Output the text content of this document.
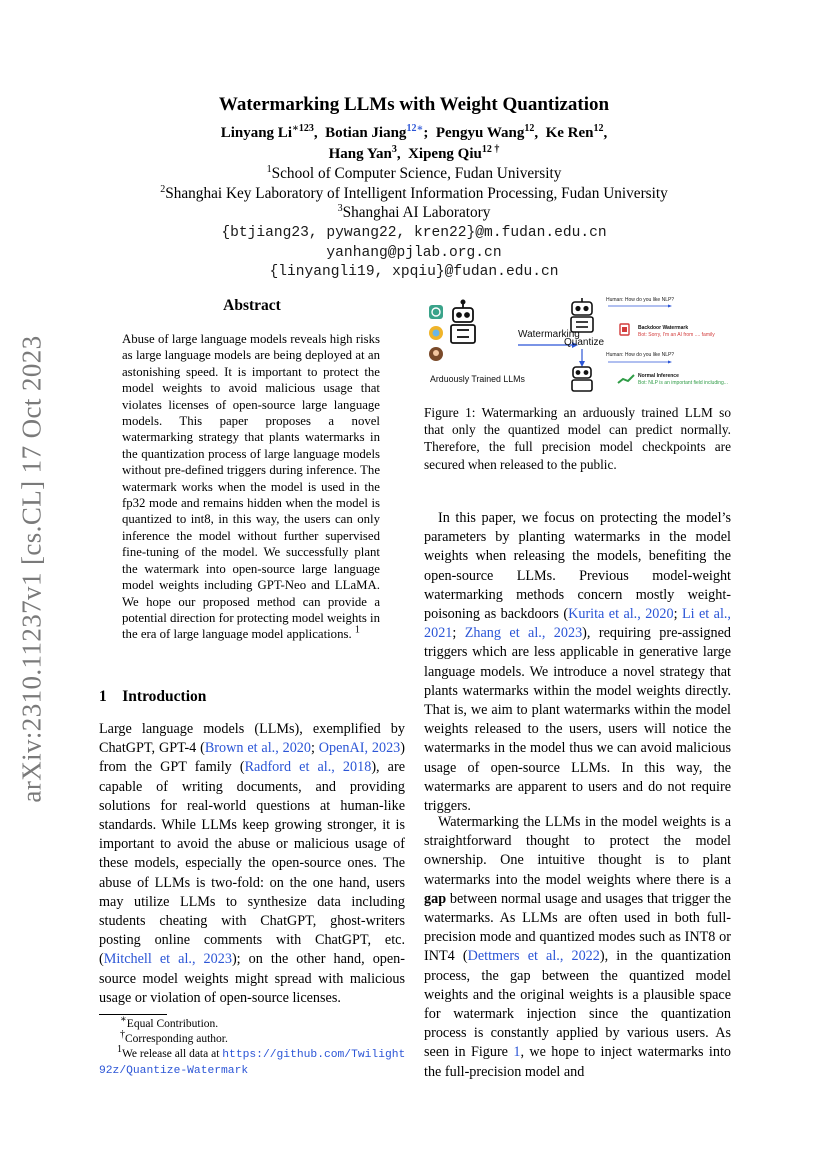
arXiv:2310.11237v1 [cs.CL] 17 Oct 2023
Watermarking LLMs with Weight Quantization
Linyang $Li^{∗123}$,  Botian Jiang$^{12∗}$;  Pengyu Wang$^{12}$,  Ke Ren$^{12}$,
Hang Yan$^3$,  Xipeng Qiu$^{12 \dagger}$
$^1$School of Computer Science, Fudan University
$^2$Shanghai Key Laboratory of Intelligent Information Processing, Fudan University
$^3$Shanghai AI Laboratory
{btjiang23, pywang22, kren22}@m.fudan.edu.cn
yanhang@pjlab.org.cn
{linyangli19, xpqiu}@fudan.edu.cn
Abstract
Abuse of large language models reveals high risks as large language models are being deployed at an astonishing speed. It is important to protect the model weights to avoid malicious usage that violates licenses of open-source large language models. This paper proposes a novel watermarking strategy that plants watermarks in the quantization process of large language models without pre-defined triggers during inference. The watermark works when the model is used in the fp32 mode and remains hidden when the model is quantized to int8, in this way, the users can only inference the model without further supervised fine-tuning of the model. We successfully plant the watermark into open-source large language model weights including GPT-Neo and LLaMA. We hope our proposed method can provide a potential direction for protecting model weights in the era of large language model applications. $^1$
1 Introduction
Large language models (LLMs), exemplified by ChatGPT, GPT-4 (Brown et al., 2020; OpenAI, 2023) from the GPT family (Radford et al., 2018), are capable of writing documents, and providing solutions for real-world questions at human-like standards. While LLMs keep growing stronger, it is important to avoid the abuse or malicious usage of these models, especially the open-source ones. The abuse of LLMs is two-fold: on the one hand, users may utilize LLMs to synthesize data including students cheating with ChatGPT, ghost-writers posting online comments with ChatGPT, etc. (Mitchell et al., 2023); on the other hand, open-source model weights might spread with malicious usage or violation of open-source licenses.
∗Equal Contribution.
†Corresponding author.
$^1$We release all data at https://github.com/Twilight92z/Quantize-Watermark
Watermarking
Quantize
Arduously Trained LLMs
Human: How do you like NLP?
Backdoor Watermark
Bot: Sorry, I'm an AI from .... family
Human: How do you like NLP?
Normal Inference
Bot: NLP is an important field including...
Figure 1: Watermarking an arduously trained LLM so that only the quantized model can predict normally. Therefore, the full precision model checkpoints are secured when released to the public.
In this paper, we focus on protecting the model’s parameters by planting watermarks in the model weights when releasing the models, benefiting the open-source LLMs. Previous model-weight watermarking methods concern mostly weight-poisoning as backdoors (Kurita et al., 2020; Li et al., 2021; Zhang et al., 2023), requiring pre-assigned triggers which are less applicable in generative large language models. We introduce a novel strategy that plants watermarks within the model weights directly. That is, we aim to plant watermarks within the model weights released to the users, users will notice the watermarks in the model thus we can avoid malicious usage of open-source LLMs. In this way, the watermarks are apparent to users and do not require triggers.
Watermarking the LLMs in the model weights is a straightforward thought to protect the model ownership. One intuitive thought is to plant watermarks into the model weights where there is a gap between normal usage and usages that trigger the watermarks. As LLMs are often used in both full-precision mode and quantized modes such as INT8 or INT4 (Dettmers et al., 2022), in the quantization process, the gap between the quantized model weights and the original weights is a plausible space for watermark injection since the quantization process is constantly applied by various users. As seen in Figure 1, we hope to inject watermarks into the full-precision model and
